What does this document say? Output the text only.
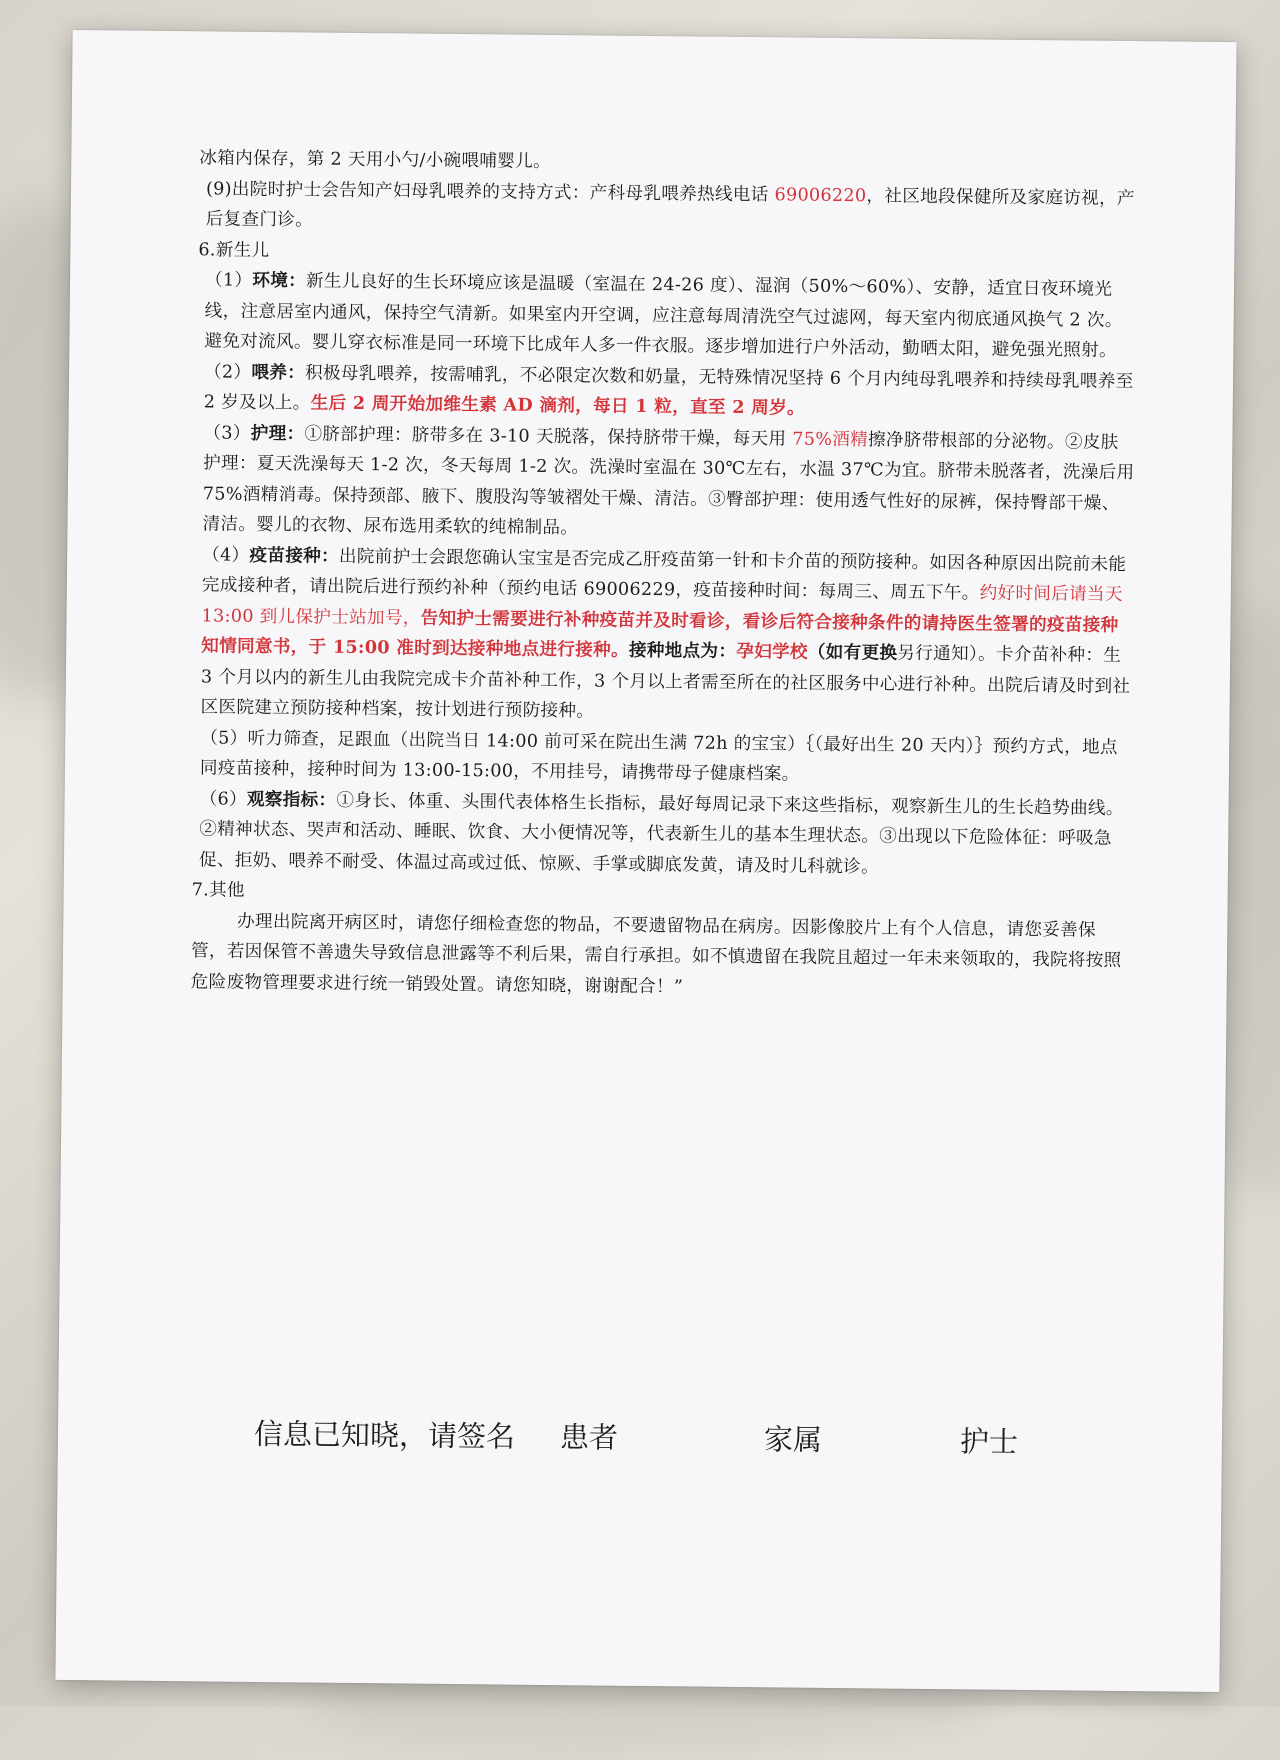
冰箱内保存，第 2 天用小勺/小碗喂哺婴儿。

(9)出院时护士会告知产妇母乳喂养的支持方式：产科母乳喂养热线电话 69006220，社区地段保健所及家庭访视，产后复查门诊。

6.新生儿

（1）环境：新生儿良好的生长环境应该是温暖（室温在 24-26 度）、湿润（50%～60%）、安静，适宜日夜环境光线，注意居室内通风，保持空气清新。如果室内开空调，应注意每周清洗空气过滤网，每天室内彻底通风换气 2 次。避免对流风。婴儿穿衣标准是同一环境下比成年人多一件衣服。逐步增加进行户外活动，勤晒太阳，避免强光照射。

（2）喂养：积极母乳喂养，按需哺乳，不必限定次数和奶量，无特殊情况坚持 6 个月内纯母乳喂养和持续母乳喂养至 2 岁及以上。生后 2 周开始加维生素 AD 滴剂，每日 1 粒，直至 2 周岁。

（3）护理：①脐部护理：脐带多在 3-10 天脱落，保持脐带干燥，每天用 75%酒精擦净脐带根部的分泌物。②皮肤护理：夏天洗澡每天 1-2 次，冬天每周 1-2 次。洗澡时室温在 30℃左右，水温 37℃为宜。脐带未脱落者，洗澡后用 75%酒精消毒。保持颈部、腋下、腹股沟等皱褶处干燥、清洁。③臀部护理：使用透气性好的尿裤，保持臀部干燥、清洁。婴儿的衣物、尿布选用柔软的纯棉制品。

（4）疫苗接种：出院前护士会跟您确认宝宝是否完成乙肝疫苗第一针和卡介苗的预防接种。如因各种原因出院前未能完成接种者，请出院后进行预约补种（预约电话 69006229，疫苗接种时间：每周三、周五下午。约好时间后请当天 13:00 到儿保护士站加号，告知护士需要进行补种疫苗并及时看诊，看诊后符合接种条件的请持医生签署的疫苗接种知情同意书，于 15:00 准时到达接种地点进行接种。接种地点为：孕妇学校（如有更换另行通知）。卡介苗补种：生 3 个月以内的新生儿由我院完成卡介苗补种工作，3 个月以上者需至所在的社区服务中心进行补种。出院后请及时到社区医院建立预防接种档案，按计划进行预防接种。

（5）听力筛查，足跟血（出院当日 14:00 前可采在院出生满 72h 的宝宝）｛（最好出生 20 天内）｝预约方式，地点同疫苗接种，接种时间为 13:00-15:00，不用挂号，请携带母子健康档案。

（6）观察指标：①身长、体重、头围代表体格生长指标，最好每周记录下来这些指标，观察新生儿的生长趋势曲线。②精神状态、哭声和活动、睡眠、饮食、大小便情况等，代表新生儿的基本生理状态。③出现以下危险体征：呼吸急促、拒奶、喂养不耐受、体温过高或过低、惊厥、手掌或脚底发黄，请及时儿科就诊。

7.其他

办理出院离开病区时，请您仔细检查您的物品，不要遗留物品在病房。因影像胶片上有个人信息，请您妥善保管，若因保管不善遗失导致信息泄露等不利后果，需自行承担。如不慎遗留在我院且超过一年未来领取的，我院将按照危险废物管理要求进行统一销毁处置。请您知晓，谢谢配合！”

信息已知晓，请签名 患者	家属	护士
